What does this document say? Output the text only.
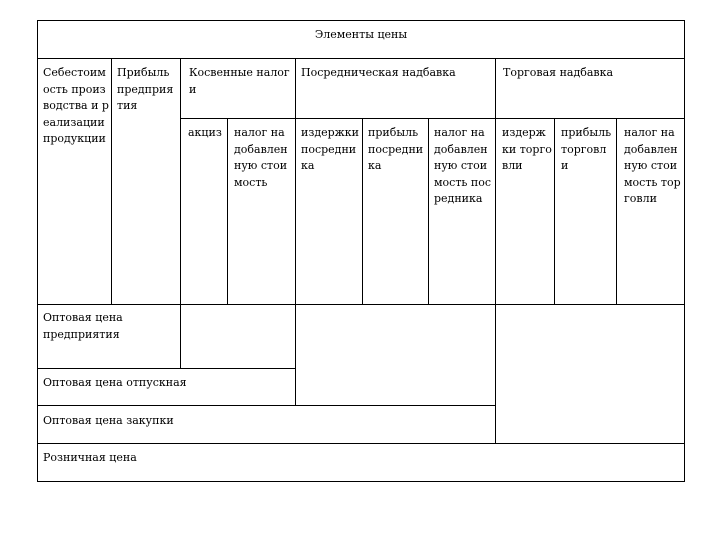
Элементы цены
Себестоимость производства и реализации продукции
Прибыль предприятия
Косвенные налоги
Посредническая надбавка	Торговая надбавка
акциз налог на добавленную стоимость
издержки посредника
прибыль посредника
налог на добавленную стоимость посредника
издержки торговли
прибыль торговли
налог на добавленную стоимость торговли
Оптовая цена предприятия
Оптовая цена отпускная
Оптовая цена закупки
Розничная цена
